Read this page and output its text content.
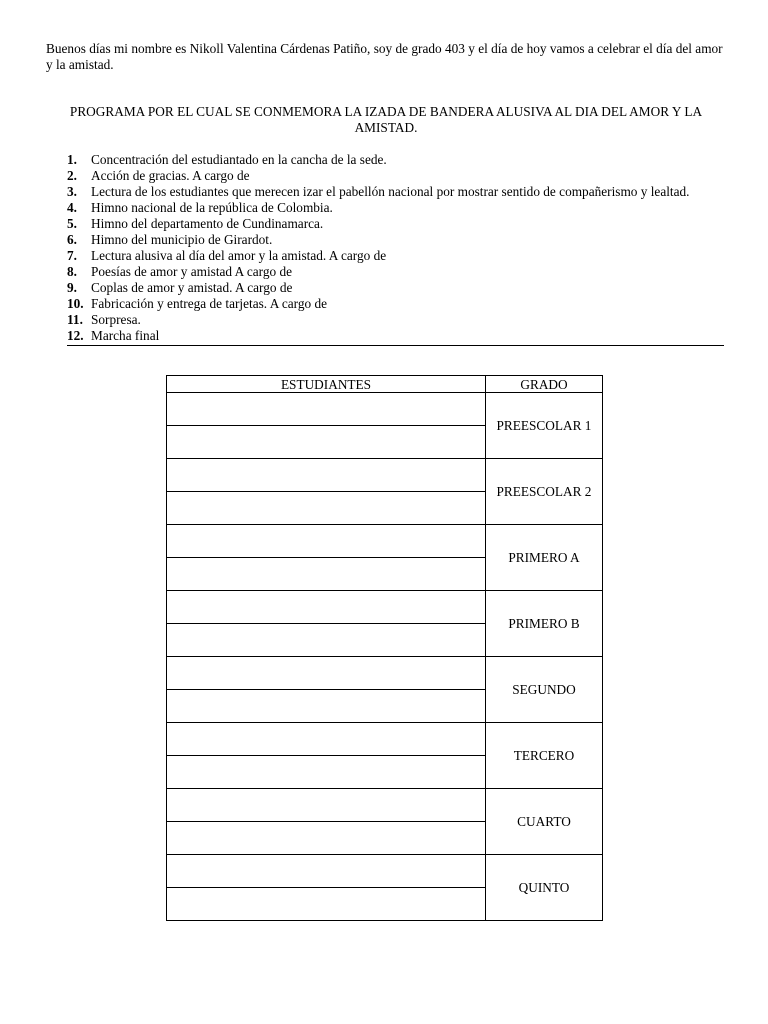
Buenos días mi nombre es Nikoll Valentina Cárdenas Patiño, soy de grado 403 y el día de hoy vamos a celebrar el día del amor y la amistad.
PROGRAMA POR EL CUAL SE CONMEMORA LA IZADA DE BANDERA ALUSIVA AL DIA DEL AMOR Y LA AMISTAD.
1.	Concentración del estudiantado en la cancha de la sede.
2.	Acción de gracias. A cargo de
3.	Lectura de los estudiantes que merecen izar el pabellón nacional por mostrar sentido de compañerismo y lealtad.
4.	Himno nacional de la república de Colombia.
5.	Himno del departamento de Cundinamarca.
6.	Himno del municipio de Girardot.
7.	Lectura alusiva al día del amor y la amistad. A cargo de
8.	Poesías de amor y amistad A cargo de
9.	Coplas de amor y amistad. A cargo de
10. Fabricación y entrega de tarjetas. A cargo de
11. Sorpresa.
12. Marcha final
ESTUDIANTES	GRADO
	PREESCOLAR 1

	PREESCOLAR 2

	PRIMERO A

	PRIMERO B

	SEGUNDO

	TERCERO

	CUARTO

	QUINTO
